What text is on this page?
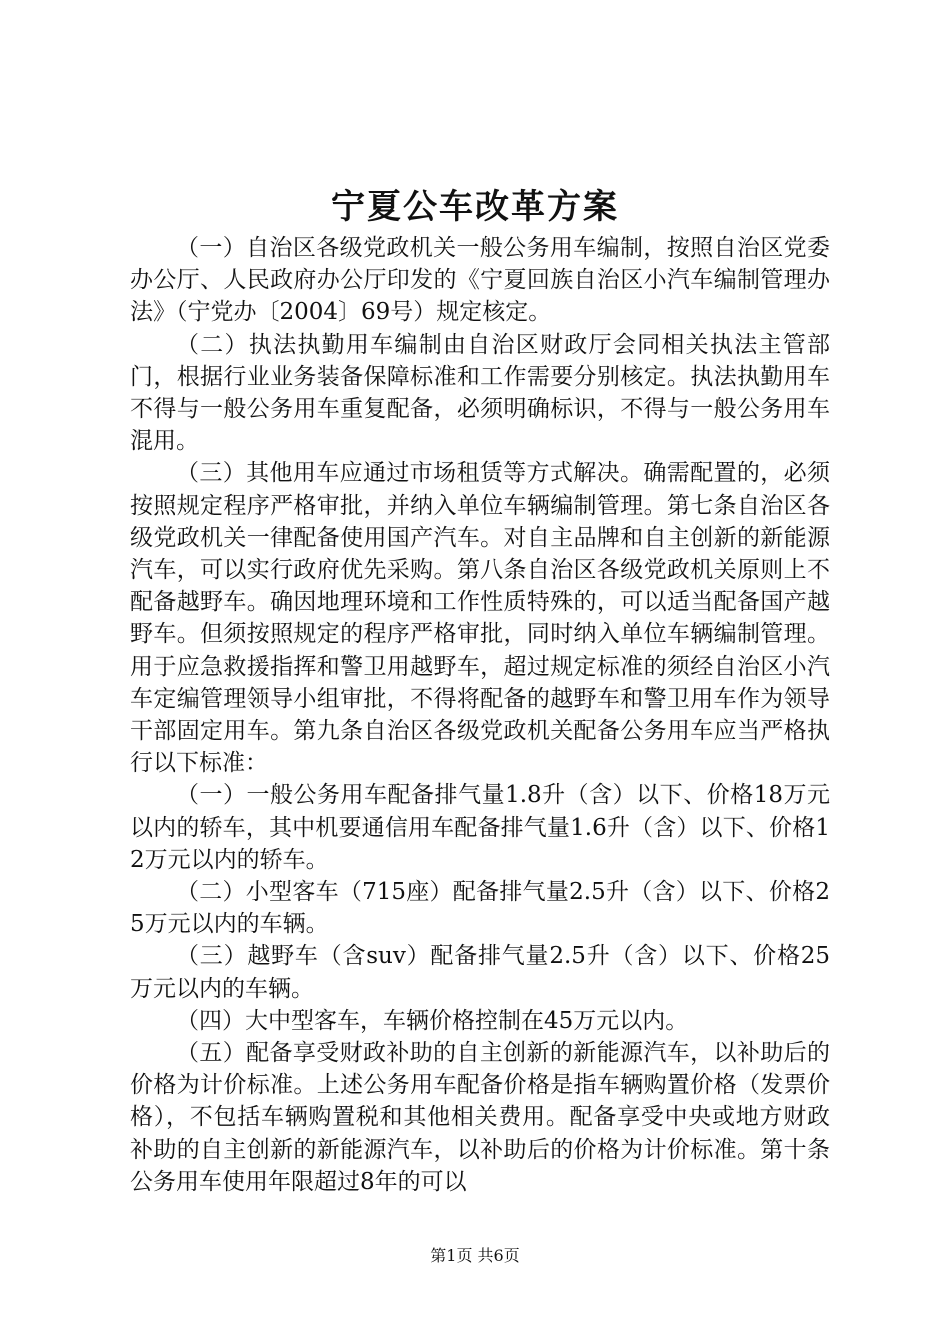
宁夏公车改革方案

（一）自治区各级党政机关一般公务用车编制，按照自治区党委办公厅、人民政府办公厅印发的《宁夏回族自治区小汽车编制管理办法》（宁党办〔2004〕69号）规定核定。

（二）执法执勤用车编制由自治区财政厅会同相关执法主管部门，根据行业业务装备保障标准和工作需要分别核定。执法执勤用车不得与一般公务用车重复配备，必须明确标识，不得与一般公务用车混用。

（三）其他用车应通过市场租赁等方式解决。确需配置的，必须按照规定程序严格审批，并纳入单位车辆编制管理。第七条自治区各级党政机关一律配备使用国产汽车。对自主品牌和自主创新的新能源汽车，可以实行政府优先采购。第八条自治区各级党政机关原则上不配备越野车。确因地理环境和工作性质特殊的，可以适当配备国产越野车。但须按照规定的程序严格审批，同时纳入单位车辆编制管理。用于应急救援指挥和警卫用越野车，超过规定标准的须经自治区小汽车定编管理领导小组审批，不得将配备的越野车和警卫用车作为领导干部固定用车。第九条自治区各级党政机关配备公务用车应当严格执行以下标准：

（一）一般公务用车配备排气量1.8升（含）以下、价格18万元以内的轿车，其中机要通信用车配备排气量1.6升（含）以下、价格12万元以内的轿车。

（二）小型客车（715座）配备排气量2.5升（含）以下、价格25万元以内的车辆。

（三）越野车（含suv）配备排气量2.5升（含）以下、价格25万元以内的车辆。

（四）大中型客车，车辆价格控制在45万元以内。

（五）配备享受财政补助的自主创新的新能源汽车，以补助后的价格为计价标准。上述公务用车配备价格是指车辆购置价格（发票价格），不包括车辆购置税和其他相关费用。配备享受中央或地方财政补助的自主创新的新能源汽车，以补助后的价格为计价标准。第十条公务用车使用年限超过8年的可以

第1页 共6页
